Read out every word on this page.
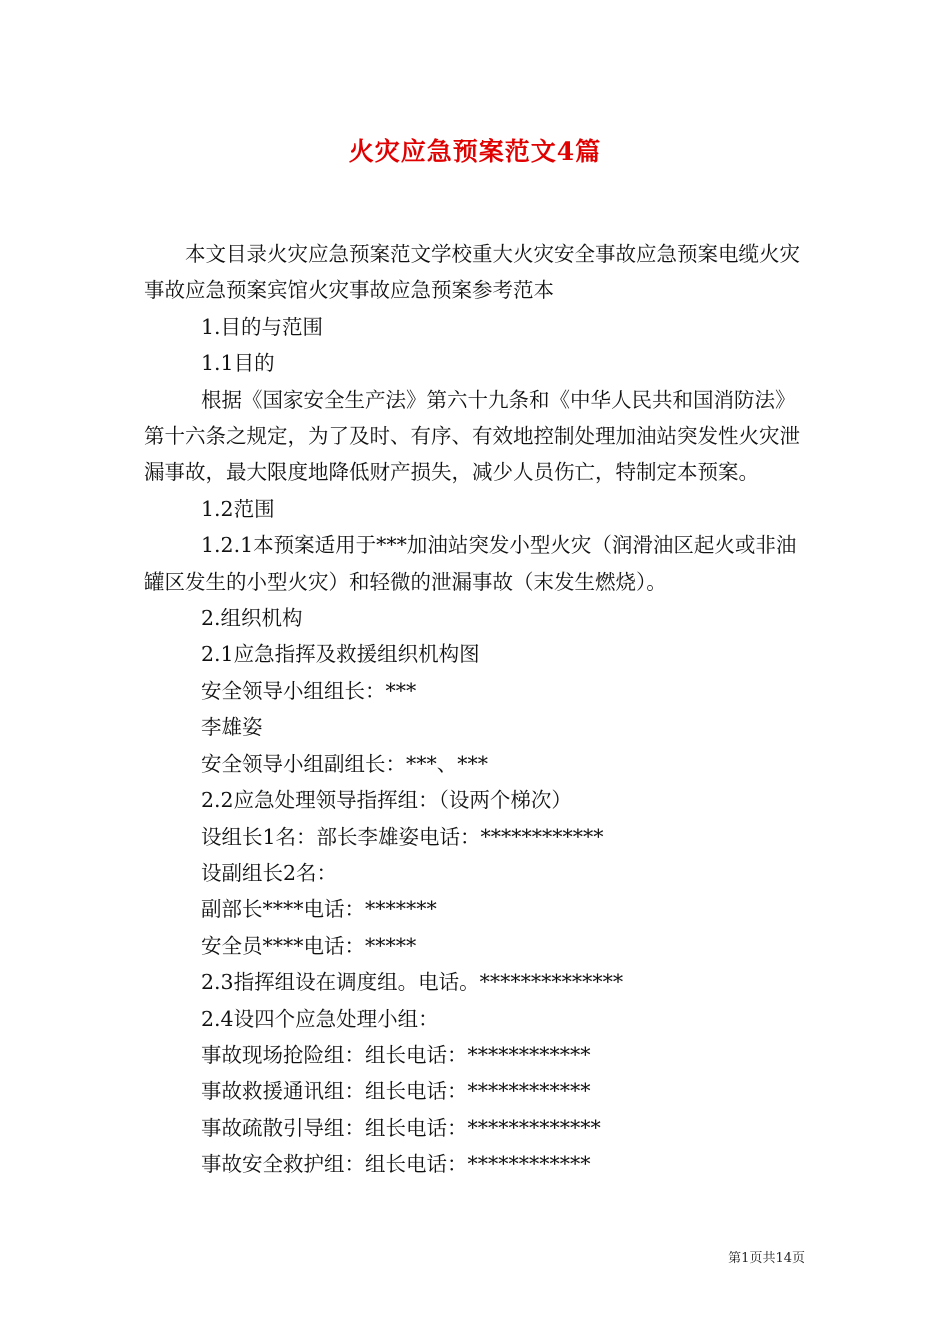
火灾应急预案范文4篇

本文目录火灾应急预案范文学校重大火灾安全事故应急预案电缆火灾事故应急预案宾馆火灾事故应急预案参考范本

1.目的与范围

1.1目的

根据《国家安全生产法》第六十九条和《中华人民共和国消防法》第十六条之规定，为了及时、有序、有效地控制处理加油站突发性火灾泄漏事故，最大限度地降低财产损失，减少人员伤亡，特制定本预案。

1.2范围

1.2.1本预案适用于***加油站突发小型火灾（润滑油区起火或非油罐区发生的小型火灾）和轻微的泄漏事故（末发生燃烧）。

2.组织机构

2.1应急指挥及救援组织机构图

安全领导小组组长：***

李雄姿

安全领导小组副组长：***、***

2.2应急处理领导指挥组：（设两个梯次）

设组长1名：部长李雄姿电话：************

设副组长2名：

副部长****电话：*******

安全员****电话：*****

2.3指挥组设在调度组。电话。**************

2.4设四个应急处理小组：

事故现场抢险组：组长电话：************

事故救援通讯组：组长电话：************

事故疏散引导组：组长电话：*************

事故安全救护组：组长电话：************

第1页共14页
